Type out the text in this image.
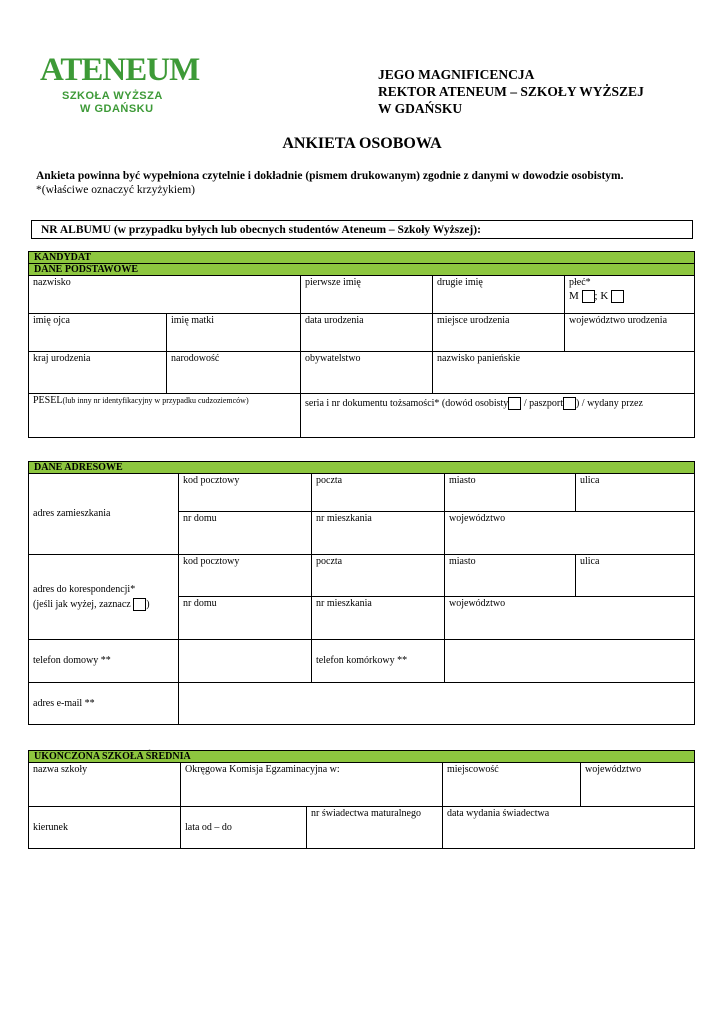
ATENEUM
SZKOŁA WYŻSZA
W GDAŃSKU
JEGO MAGNIFICENCJA
REKTOR ATENEUM – SZKOŁY WYŻSZEJ
W GDAŃSKU
ANKIETA OSOBOWA
Ankieta powinna być wypełniona czytelnie i dokładnie (pismem drukowanym) zgodnie z danymi w dowodzie osobistym.
*(właściwe oznaczyć krzyżykiem)
NR ALBUMU (w przypadku byłych lub obecnych studentów Ateneum – Szkoły Wyższej):
KANDYDAT				
DANE PODSTAWOWE				
nazwisko		pierwsze imię	drugie imię	płeć*
M ; K

imię ojca	imię matki	data urodzenia	miejsce urodzenia	województwo urodzenia
kraj urodzenia	narodowość	obywatelstwo	nazwisko panieńskie	
PESEL(lub inny nr identyfikacyjny w przypadku cudzoziemców)		seria i nr dokumentu tożsamości* (dowód osobisty / paszport ) / wydany przez		
DANE ADRESOWE				
adres zamieszkania	kod pocztowy	poczta	miasto	ulica
	nr domu	nr mieszkania	województwo	

adres do korespondencji*
(jeśli jak wyżej, zaznacz )	kod pocztowy	poczta	miasto	ulica
	nr domu	nr mieszkania	województwo	
telefon domowy **		telefon komórkowy **		
adres e-mail **				
UKOŃCZONA SZKOŁA ŚREDNIA				
nazwa szkoły	Okręgowa Komisja Egzaminacyjna w:		miejscowość	województwo
kierunek	lata od – do	nr świadectwa maturalnego	data wydania świadectwa	
